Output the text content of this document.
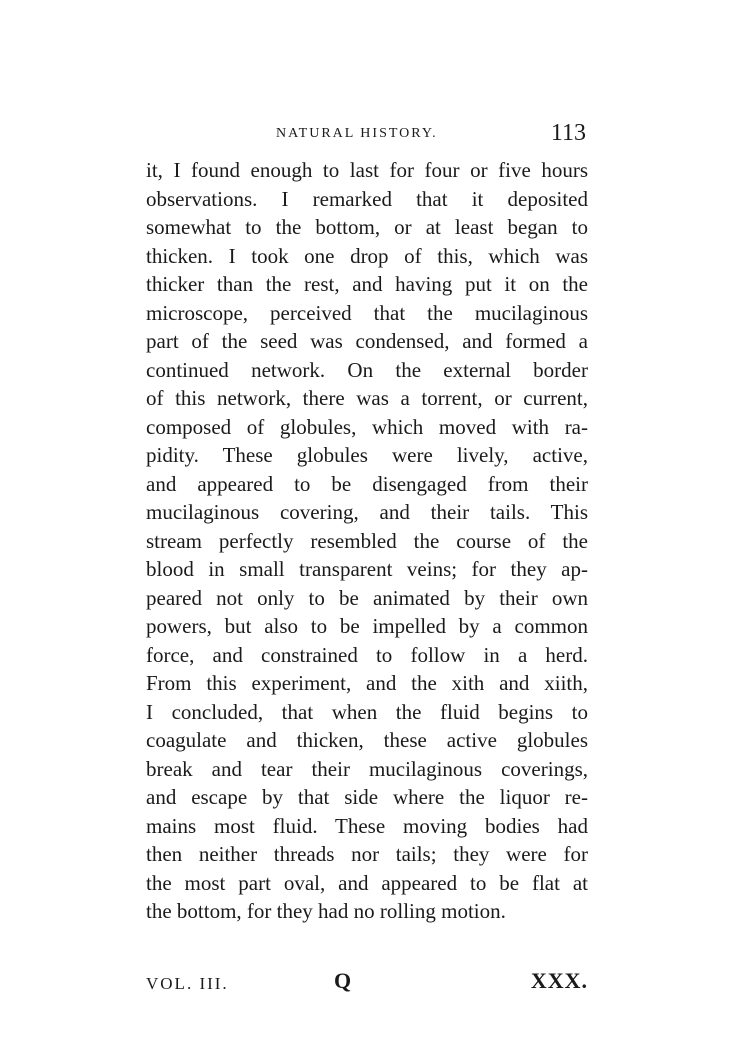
NATURAL HISTORY.	113
it, I found enough to last for four or five hours
observations. I remarked that it deposited
somewhat to the bottom, or at least began to
thicken. I took one drop of this, which was
thicker than the rest, and having put it on the
microscope, perceived that the mucilaginous
part of the seed was condensed, and formed a
continued network. On the external border
of this network, there was a torrent, or current,
composed of globules, which moved with ra-
pidity. These globules were lively, active,
and appeared to be disengaged from their
mucilaginous covering, and their tails. This
stream perfectly resembled the course of the
blood in small transparent veins; for they ap-
peared not only to be animated by their own
powers, but also to be impelled by a common
force, and constrained to follow in a herd.
From this experiment, and the xith and xiith,
I concluded, that when the fluid begins to
coagulate and thicken, these active globules
break and tear their mucilaginous coverings,
and escape by that side where the liquor re-
mains most fluid. These moving bodies had
then neither threads nor tails; they were for
the most part oval, and appeared to be flat at
the bottom, for they had no rolling motion.
VOL. III.	Q	XXX.
